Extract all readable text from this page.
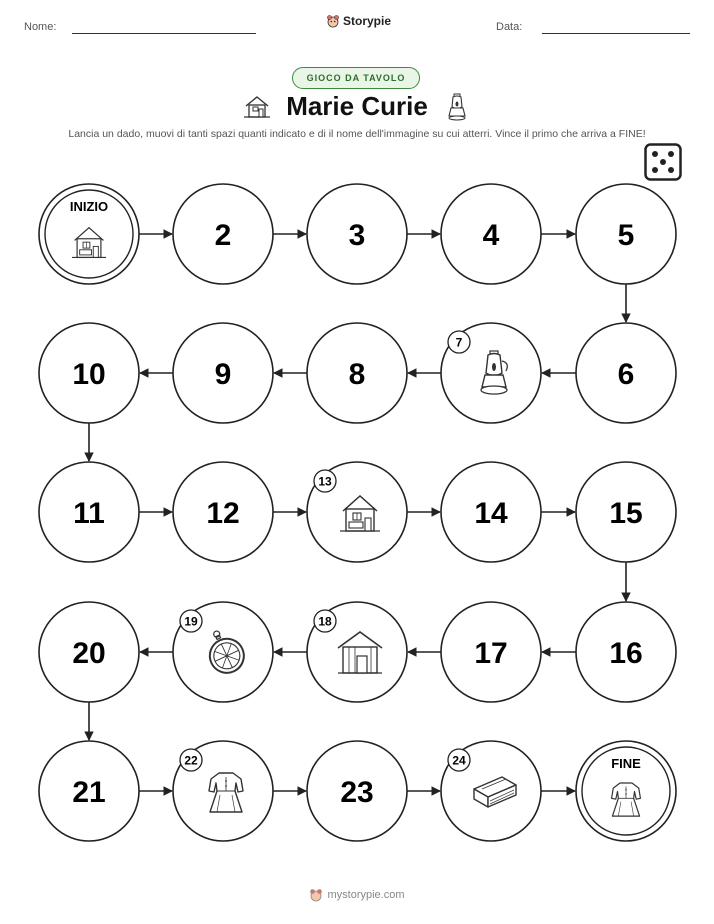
Nome:	Storypie	Data:
GIOCO DA TAVOLO
Marie Curie
Lancia un dado, muovi di tanti spazi quanti indicato e di il nome dell'immagine su cui atterri. Vince il primo che arriva a FINE!
INIZIO
2	3	4	5
6
7
8
9
10
11	12
13
14	15
16
17
18
19
20
21
22
23
24	FINE
mystorypie.com
